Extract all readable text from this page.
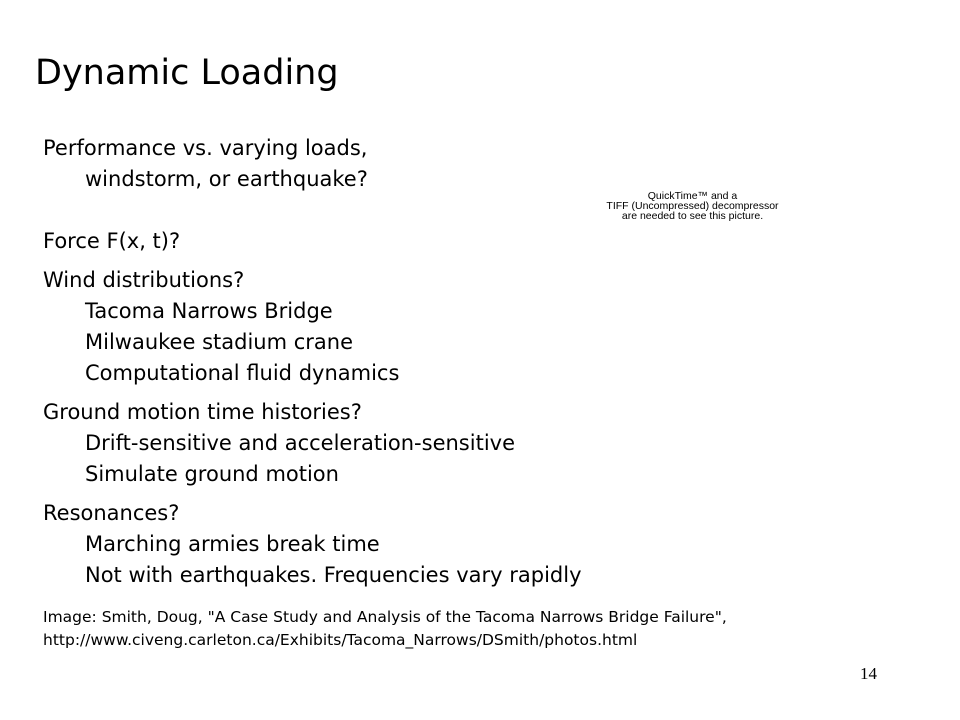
Dynamic Loading
Performance vs. varying loads,
windstorm, or earthquake?
Force F(x, t)?
Wind distributions?
Tacoma Narrows Bridge
Milwaukee stadium crane
Computational fluid dynamics
Ground motion time histories?
Drift-sensitive and acceleration-sensitive
Simulate ground motion
Resonances?
Marching armies break time
Not with earthquakes. Frequencies vary rapidly
QuickTime™ and a
TIFF (Uncompressed) decompressor
are needed to see this picture.
Image: Smith, Doug, "A Case Study and Analysis of the Tacoma Narrows Bridge Failure",
http://www.civeng.carleton.ca/Exhibits/Tacoma_Narrows/DSmith/photos.html
14
